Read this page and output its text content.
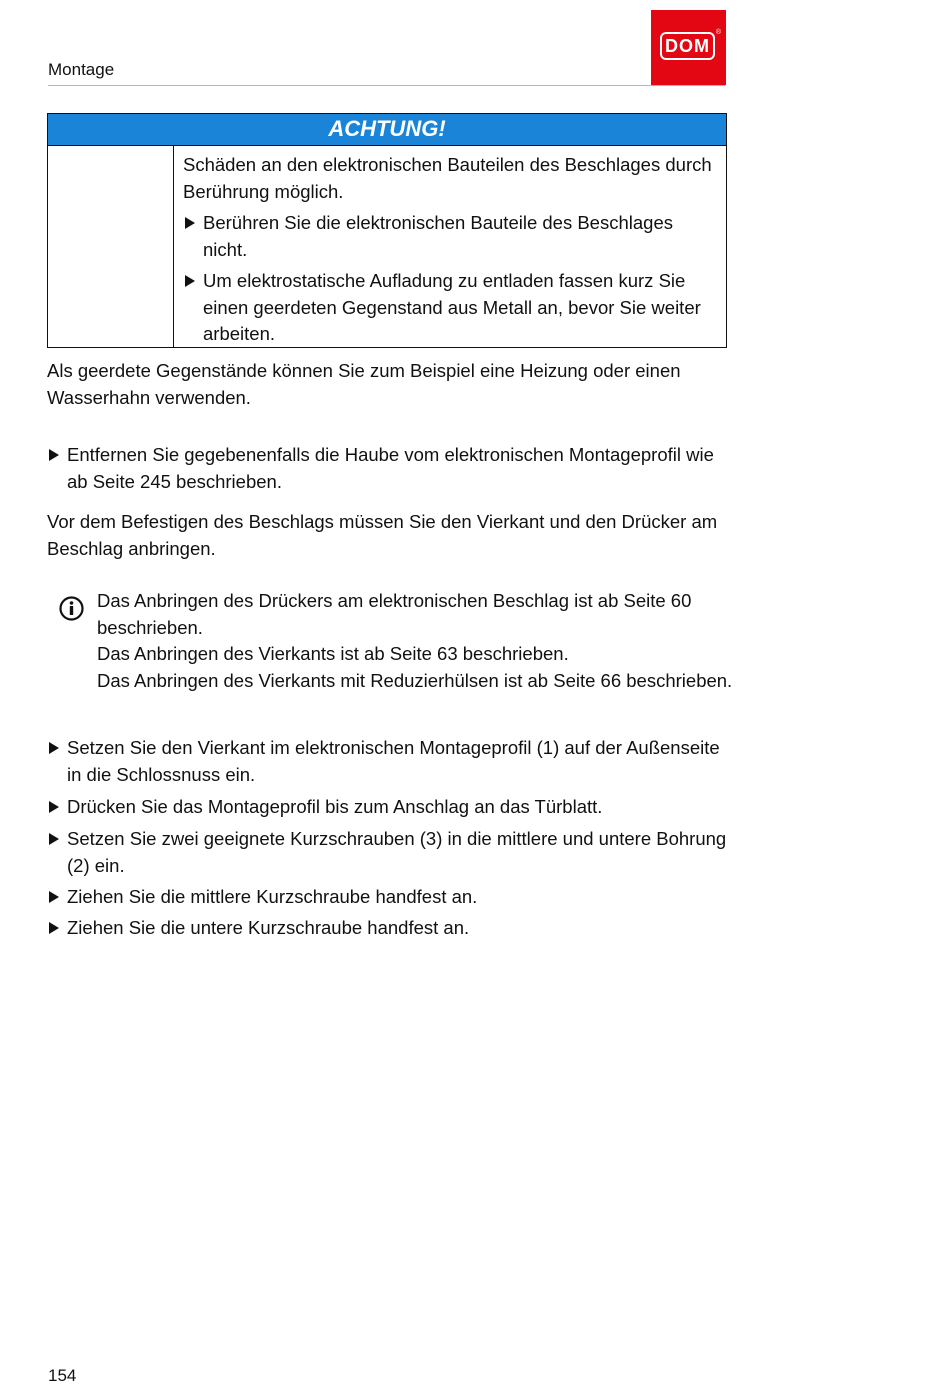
Montage
DOM
®
ACHTUNG!

Schäden an den elektronischen Bauteilen des Beschlages durch Berührung möglich.

Berühren Sie die elektronischen Bauteile des Beschlages nicht.
Um elektrostatische Aufladung zu entladen fassen kurz Sie einen geerdeten Gegenstand aus Metall an, bevor Sie weiter arbeiten.
Als geerdete Gegenstände können Sie zum Beispiel eine Heizung oder einen Wasserhahn verwenden.
Entfernen Sie gegebenenfalls die Haube vom elektronischen Montageprofil wie ab Seite 245 beschrieben.
Vor dem Befestigen des Beschlags müssen Sie den Vierkant und den Drücker am Beschlag anbringen.
Das Anbringen des Drückers am elektronischen Beschlag ist ab Seite 60 beschrieben.
Das Anbringen des Vierkants ist ab Seite 63 beschrieben.
Das Anbringen des Vierkants mit Reduzierhülsen ist ab Seite 66 beschrieben.
Setzen Sie den Vierkant im elektronischen Montageprofil (1) auf der Außenseite in die Schlossnuss ein.
Drücken Sie das Montageprofil bis zum Anschlag an das Türblatt.
Setzen Sie zwei geeignete Kurzschrauben (3) in die mittlere und untere Bohrung (2) ein.
Ziehen Sie die mittlere Kurzschraube handfest an.
Ziehen Sie die untere Kurzschraube handfest an.
154
